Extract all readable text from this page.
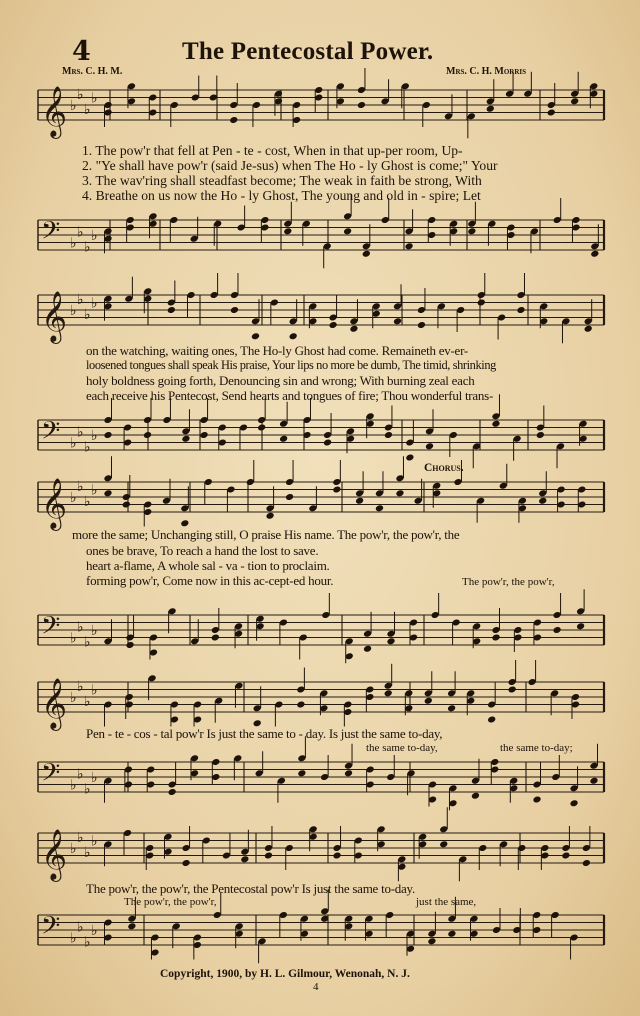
4	The Pentecostal Power.
Mrs. C. H. M.	Mrs. C. H. Morris
𝄞 ♭
♭
♭
♭
𝄢 ♭
♭
♭
♭
𝄞 ♭
♭
♭
♭
𝄢 ♭
♭
♭
♭
𝄞 ♭
♭
♭
♭
𝄢 ♭
♭
♭
♭
𝄞 ♭
♭
♭
♭
𝄢 ♭
♭
♭
♭
𝄞 ♭
♭
♭
♭
𝄢 ♭
♭
♭
♭
1. The pow'r that fell at Pen - te - cost, When in that up-per room, Up-
2. "Ye shall have pow'r (said Je-sus) when The Ho - ly Ghost is come;" Your
3. The wav'ring shall steadfast become; The weak in faith be strong, With
4. Breathe on us now the Ho - ly Ghost, The young and old in - spire; Let
on the watching, waiting ones, The Ho-ly Ghost had come. Remaineth ev-er-
loosened tongues shall speak His praise, Your lips no more be dumb, The timid, shrinking
holy boldness going forth, Denouncing sin and wrong; With burning zeal each
each receive his Pentecost, Send hearts and tongues of fire; Thou wonderful trans-
Chorus.
more the same; Unchanging still, O praise His name. The pow'r, the pow'r, the
ones be brave, To reach a hand the lost to save.
heart a-flame, A whole sal - va - tion to proclaim.
forming pow'r, Come now in this ac-cept-ed hour.	The pow'r, the pow'r,
Pen - te - cos - tal pow'r Is just the same to - day. Is just the same to-day,
the same to-day,	the same to-day;
The pow'r, the pow'r, the Pentecostal pow'r Is just the same to-day.
The pow'r, the pow'r,	just the same,
Copyright, 1900, by H. L. Gilmour, Wenonah, N. J.
4
